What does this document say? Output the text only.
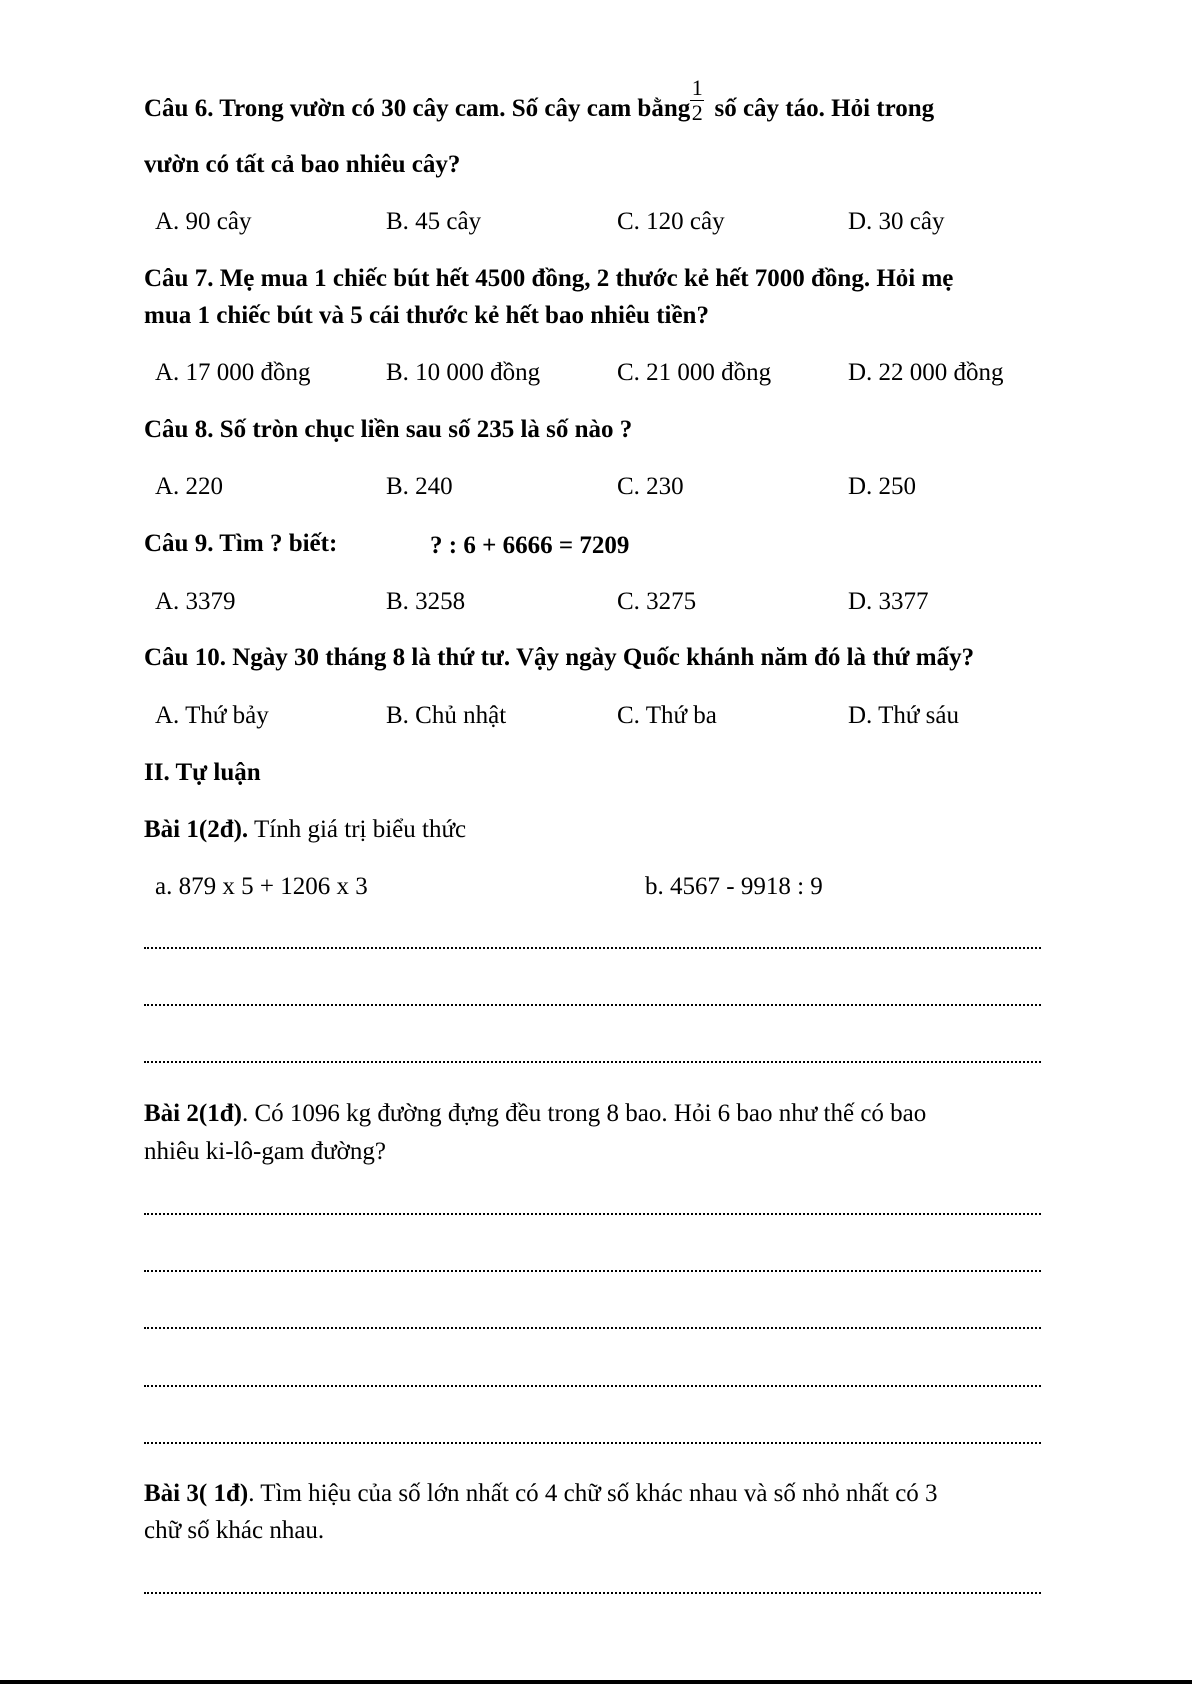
Câu 6. Trong vườn có 30 cây cam. Số cây cam bằng $\frac{1}{2}$ số cây táo. Hỏi trong
vườn có tất cả bao nhiêu cây?
A. 90 cây	B. 45 cây	C. 120 cây	D. 30 cây
Câu 7. Mẹ mua 1 chiếc bút hết 4500 đồng, 2 thước kẻ hết 7000 đồng. Hỏi mẹ
mua 1 chiếc bút và 5 cái thước kẻ hết bao nhiêu tiền?
A. 17 000 đồng	B. 10 000 đồng	C. 21 000 đồng	D. 22 000 đồng
Câu 8. Số tròn chục liền sau số 235 là số nào ?
A. 220	B. 240	C. 230	D. 250
Câu 9. Tìm ? biết:	? : 6 + 6666 = 7209
A. 3379	B. 3258	C. 3275	D. 3377
Câu 10. Ngày 30 tháng 8 là thứ tư. Vậy ngày Quốc khánh năm đó là thứ mấy?
A. Thứ bảy	B. Chủ nhật	C. Thứ ba	D. Thứ sáu
II. Tự luận
Bài 1(2đ). Tính giá trị biểu thức
a. 879 x 5 + 1206 x 3	b. 4567 - 9918 : 9
Bài 2(1đ). Có 1096 kg đường đựng đều trong 8 bao. Hỏi 6 bao như thế có bao
nhiêu ki-lô-gam đường?
Bài 3( 1đ). Tìm hiệu của số lớn nhất có 4 chữ số khác nhau và số nhỏ nhất có 3
chữ số khác nhau.
